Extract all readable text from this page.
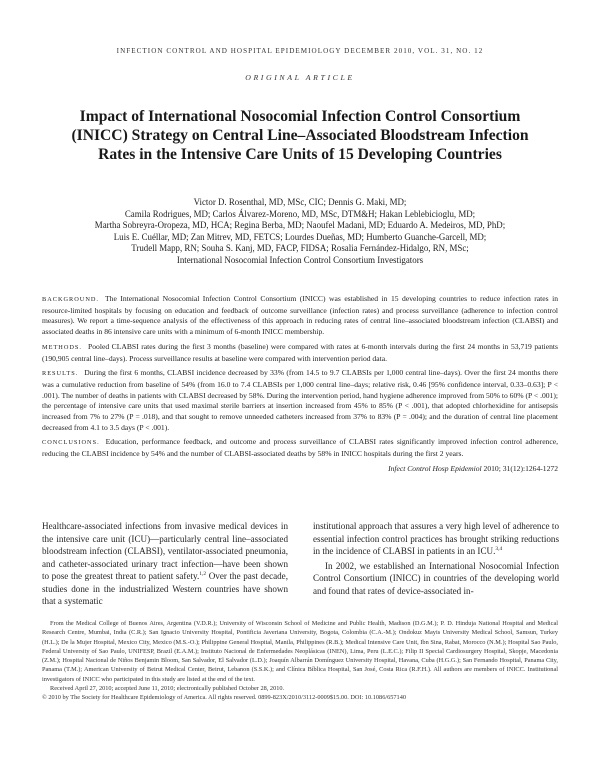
INFECTION CONTROL AND HOSPITAL EPIDEMIOLOGY DECEMBER 2010, VOL. 31, NO. 12
ORIGINAL ARTICLE
Impact of International Nosocomial Infection Control Consortium
(INICC) Strategy on Central Line–Associated Bloodstream Infection
Rates in the Intensive Care Units of 15 Developing Countries
Victor D. Rosenthal, MD, MSc, CIC; Dennis G. Maki, MD;
Camila Rodrigues, MD; Carlos Álvarez-Moreno, MD, MSc, DTM&H; Hakan Leblebicioglu, MD;
Martha Sobreyra-Oropeza, MD, HCA; Regina Berba, MD; Naoufel Madani, MD; Eduardo A. Medeiros, MD, PhD;
Luis E. Cuéllar, MD; Zan Mitrev, MD, FETCS; Lourdes Dueñas, MD; Humberto Guanche-Garcell, MD;
Trudell Mapp, RN; Souha S. Kanj, MD, FACP, FIDSA; Rosalia Fernández-Hidalgo, RN, MSc;
International Nosocomial Infection Control Consortium Investigators

BACKGROUND. The International Nosocomial Infection Control Consortium (INICC) was established in 15 developing countries to reduce infection rates in resource-limited hospitals by focusing on education and feedback of outcome surveillance (infection rates) and process surveillance (adherence to infection control measures). We report a time-sequence analysis of the effectiveness of this approach in reducing rates of central line–associated bloodstream infection (CLABSI) and associated deaths in 86 intensive care units with a minimum of 6-month INICC membership.

METHODS. Pooled CLABSI rates during the first 3 months (baseline) were compared with rates at 6-month intervals during the first 24 months in 53,719 patients (190,905 central line–days). Process surveillance results at baseline were compared with intervention period data.

RESULTS. During the first 6 months, CLABSI incidence decreased by 33% (from 14.5 to 9.7 CLABSIs per 1,000 central line–days). Over the first 24 months there was a cumulative reduction from baseline of 54% (from 16.0 to 7.4 CLABSIs per 1,000 central line–days; relative risk, 0.46 [95% confidence interval, 0.33–0.63]; P < .001). The number of deaths in patients with CLABSI decreased by 58%. During the intervention period, hand hygiene adherence improved from 50% to 60% (P < .001); the percentage of intensive care units that used maximal sterile barriers at insertion increased from 45% to 85% (P < .001), that adopted chlorhexidine for antisepsis increased from 7% to 27% (P = .018), and that sought to remove unneeded catheters increased from 37% to 83% (P = .004); and the duration of central line placement decreased from 4.1 to 3.5 days (P < .001).

CONCLUSIONS. Education, performance feedback, and outcome and process surveillance of CLABSI rates significantly improved infection control adherence, reducing the CLABSI incidence by 54% and the number of CLABSI-associated deaths by 58% in INICC hospitals during the first 2 years.

Infect Control Hosp Epidemiol 2010; 31(12):1264-1272
Healthcare-associated infections from invasive medical devices in the intensive care unit (ICU)—particularly central line–associated bloodstream infection (CLABSI), ventilator-associated pneumonia, and catheter-associated urinary tract infection—have been shown to pose the greatest threat to patient safety.$^{1,2}$ Over the past decade, studies done in the industrialized Western countries have shown that a systematic

institutional approach that assures a very high level of adherence to essential infection control practices has brought striking reductions in the incidence of CLABSI in patients in an ICU.$^{3,4}$

In 2002, we established an International Nosocomial Infection Control Consortium (INICC) in countries of the developing world and found that rates of device-associated in-

From the Medical College of Buenos Aires, Argentina (V.D.R.); University of Wisconsin School of Medicine and Public Health, Madison (D.G.M.); P. D. Hinduja National Hospital and Medical Research Centre, Mumbai, India (C.R.); San Ignacio University Hospital, Pontificia Javeriana University, Bogota, Colombia (C.A.-M.); Ondokuz Mayis University Medical School, Samsun, Turkey (H.L.); De la Mujer Hospital, Mexico City, Mexico (M.S.-O.); Philippine General Hospital, Manila, Philippines (R.B.); Medical Intensive Care Unit, Ibn Sina, Rabat, Morocco (N.M.); Hospital Sao Paulo, Federal University of Sao Paulo, UNIFESP, Brazil (E.A.M.); Instituto Nacional de Enfermedades Neoplásicas (INEN), Lima, Peru (L.E.C.); Filip II Special Cardiosurgery Hospital, Skopje, Macedonia (Z.M.); Hospital Nacional de Niños Benjamin Bloom, San Salvador, El Salvador (L.D.); Joaquín Albarrán Domínguez University Hospital, Havana, Cuba (H.G.G.); San Fernando Hospital, Panama City, Panama (T.M.); American University of Beirut Medical Center, Beirut, Lebanon (S.S.K.); and Clínica Bíblica Hospital, San José, Costa Rica (R.F.H.). All authors are members of INICC. Institutional investigators of INICC who participated in this study are listed at the end of the text.

Received April 27, 2010; accepted June 11, 2010; electronically published October 28, 2010.

© 2010 by The Society for Healthcare Epidemiology of America. All rights reserved. 0899-823X/2010/3112-0009$15.00. DOI: 10.1086/657140
